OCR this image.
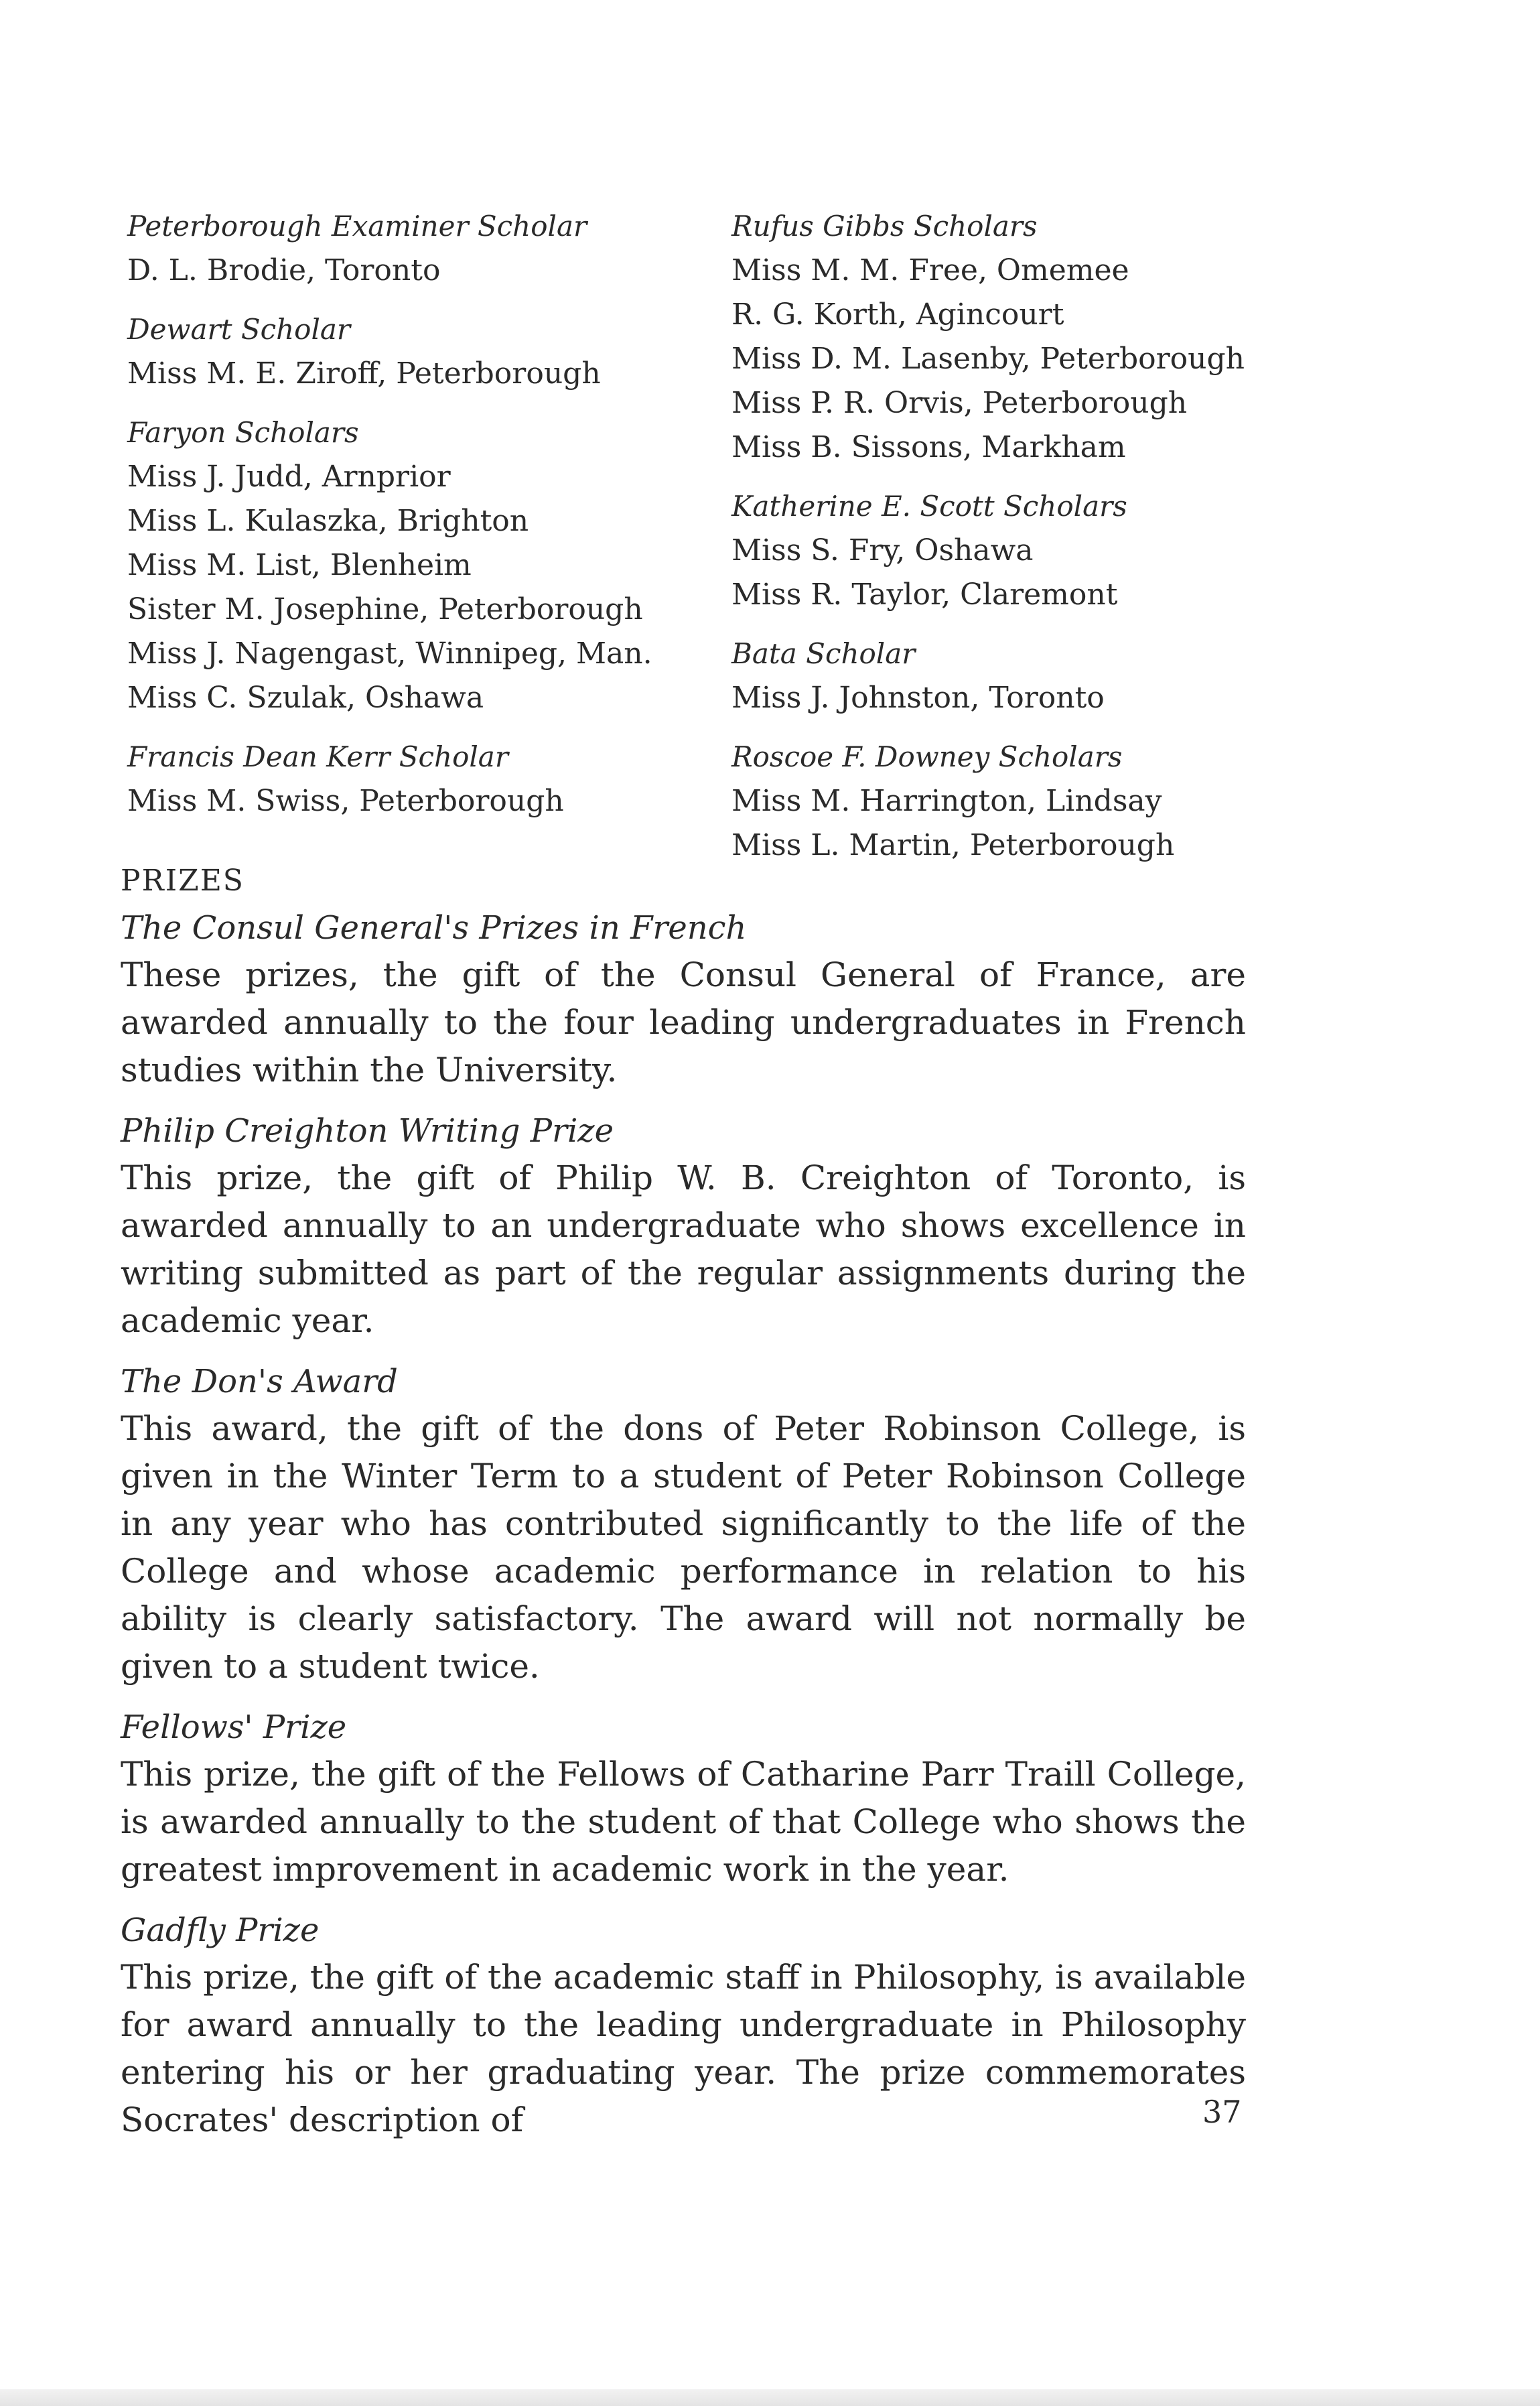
Peterborough Examiner Scholar
D. L. Brodie, Toronto
Dewart Scholar
Miss M. E. Ziroff, Peterborough
Faryon Scholars
Miss J. Judd, Arnprior
Miss L. Kulaszka, Brighton
Miss M. List, Blenheim
Sister M. Josephine, Peterborough
Miss J. Nagengast, Winnipeg, Man.
Miss C. Szulak, Oshawa
Francis Dean Kerr Scholar
Miss M. Swiss, Peterborough
Rufus Gibbs Scholars
Miss M. M. Free, Omemee
R. G. Korth, Agincourt
Miss D. M. Lasenby, Peterborough
Miss P. R. Orvis, Peterborough
Miss B. Sissons, Markham
Katherine E. Scott Scholars
Miss S. Fry, Oshawa
Miss R. Taylor, Claremont
Bata Scholar
Miss J. Johnston, Toronto
Roscoe F. Downey Scholars
Miss M. Harrington, Lindsay
Miss L. Martin, Peterborough
PRIZES
The Consul General's Prizes in French

These prizes, the gift of the Consul General of France, are awarded annually to the four leading undergraduates in French studies within the University.

Philip Creighton Writing Prize

This prize, the gift of Philip W. B. Creighton of Toronto, is awarded annually to an undergraduate who shows excellence in writing submitted as part of the regular assignments during the academic year.

The Don's Award

This award, the gift of the dons of Peter Robinson College, is given in the Winter Term to a student of Peter Robinson College in any year who has contributed significantly to the life of the College and whose academic performance in relation to his ability is clearly satisfactory. The award will not normally be given to a student twice.

Fellows' Prize

This prize, the gift of the Fellows of Catharine Parr Traill College, is awarded annually to the student of that College who shows the greatest improvement in academic work in the year.

Gadfly Prize

This prize, the gift of the academic staff in Philosophy, is available for award annually to the leading undergraduate in Philosophy entering his or her graduating year. The prize commemorates Socrates' description of	37
